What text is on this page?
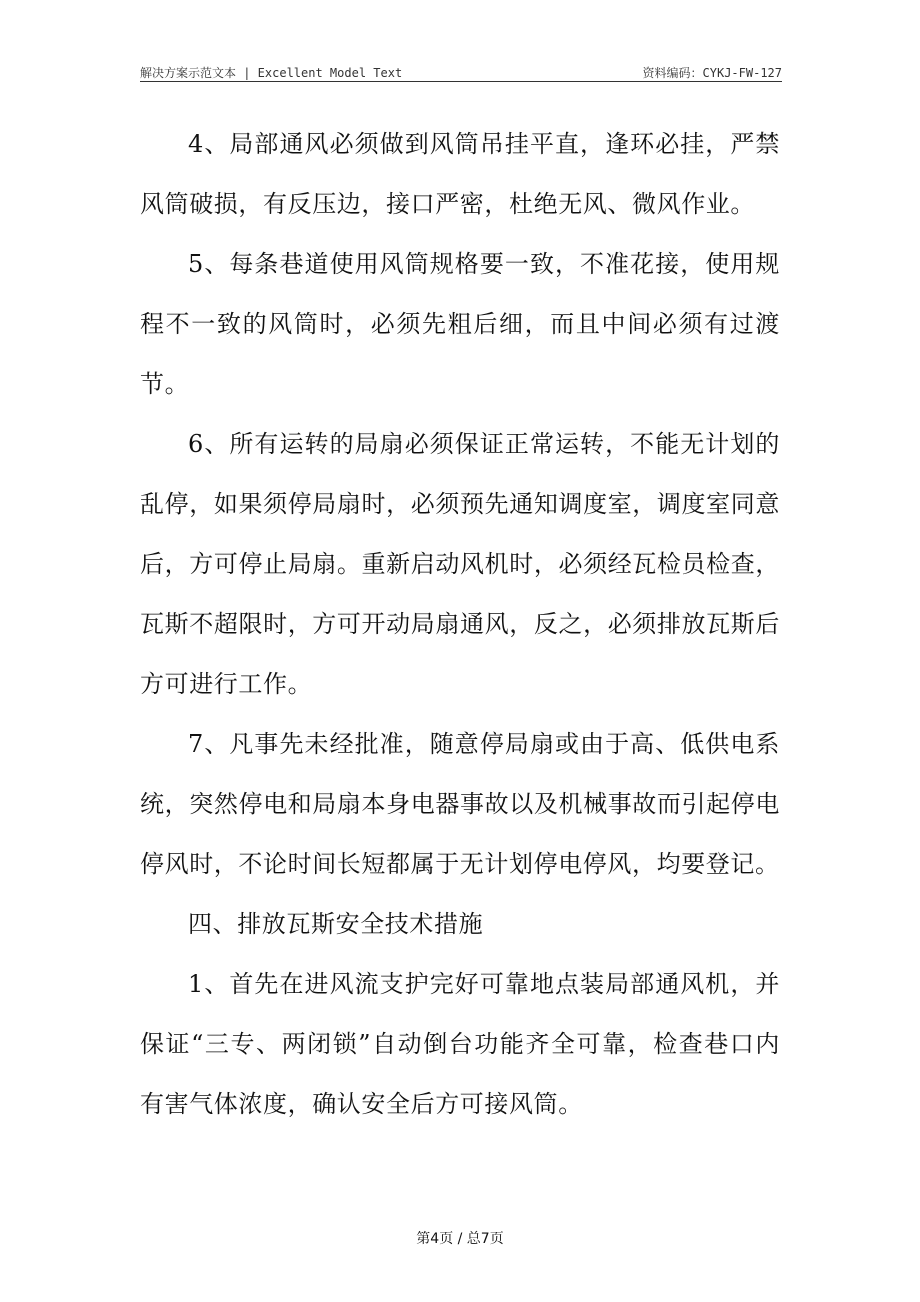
解决方案示范文本 | Excellent Model Text	资料编码：CYKJ-FW-127

4、局部通风必须做到风筒吊挂平直，逢环必挂，严禁风筒破损，有反压边，接口严密，杜绝无风、微风作业。

5、每条巷道使用风筒规格要一致，不准花接，使用规程不一致的风筒时，必须先粗后细，而且中间必须有过渡节。

6、所有运转的局扇必须保证正常运转，不能无计划的乱停，如果须停局扇时，必须预先通知调度室，调度室同意后，方可停止局扇。重新启动风机时，必须经瓦检员检查，瓦斯不超限时，方可开动局扇通风，反之，必须排放瓦斯后方可进行工作。

7、凡事先未经批准，随意停局扇或由于高、低供电系统，突然停电和局扇本身电器事故以及机械事故而引起停电停风时，不论时间长短都属于无计划停电停风，均要登记。

四、排放瓦斯安全技术措施

1、首先在进风流支护完好可靠地点装局部通风机，并保证“三专、两闭锁”自动倒台功能齐全可靠，检查巷口内有害气体浓度，确认安全后方可接风筒。

第4页 / 总7页
